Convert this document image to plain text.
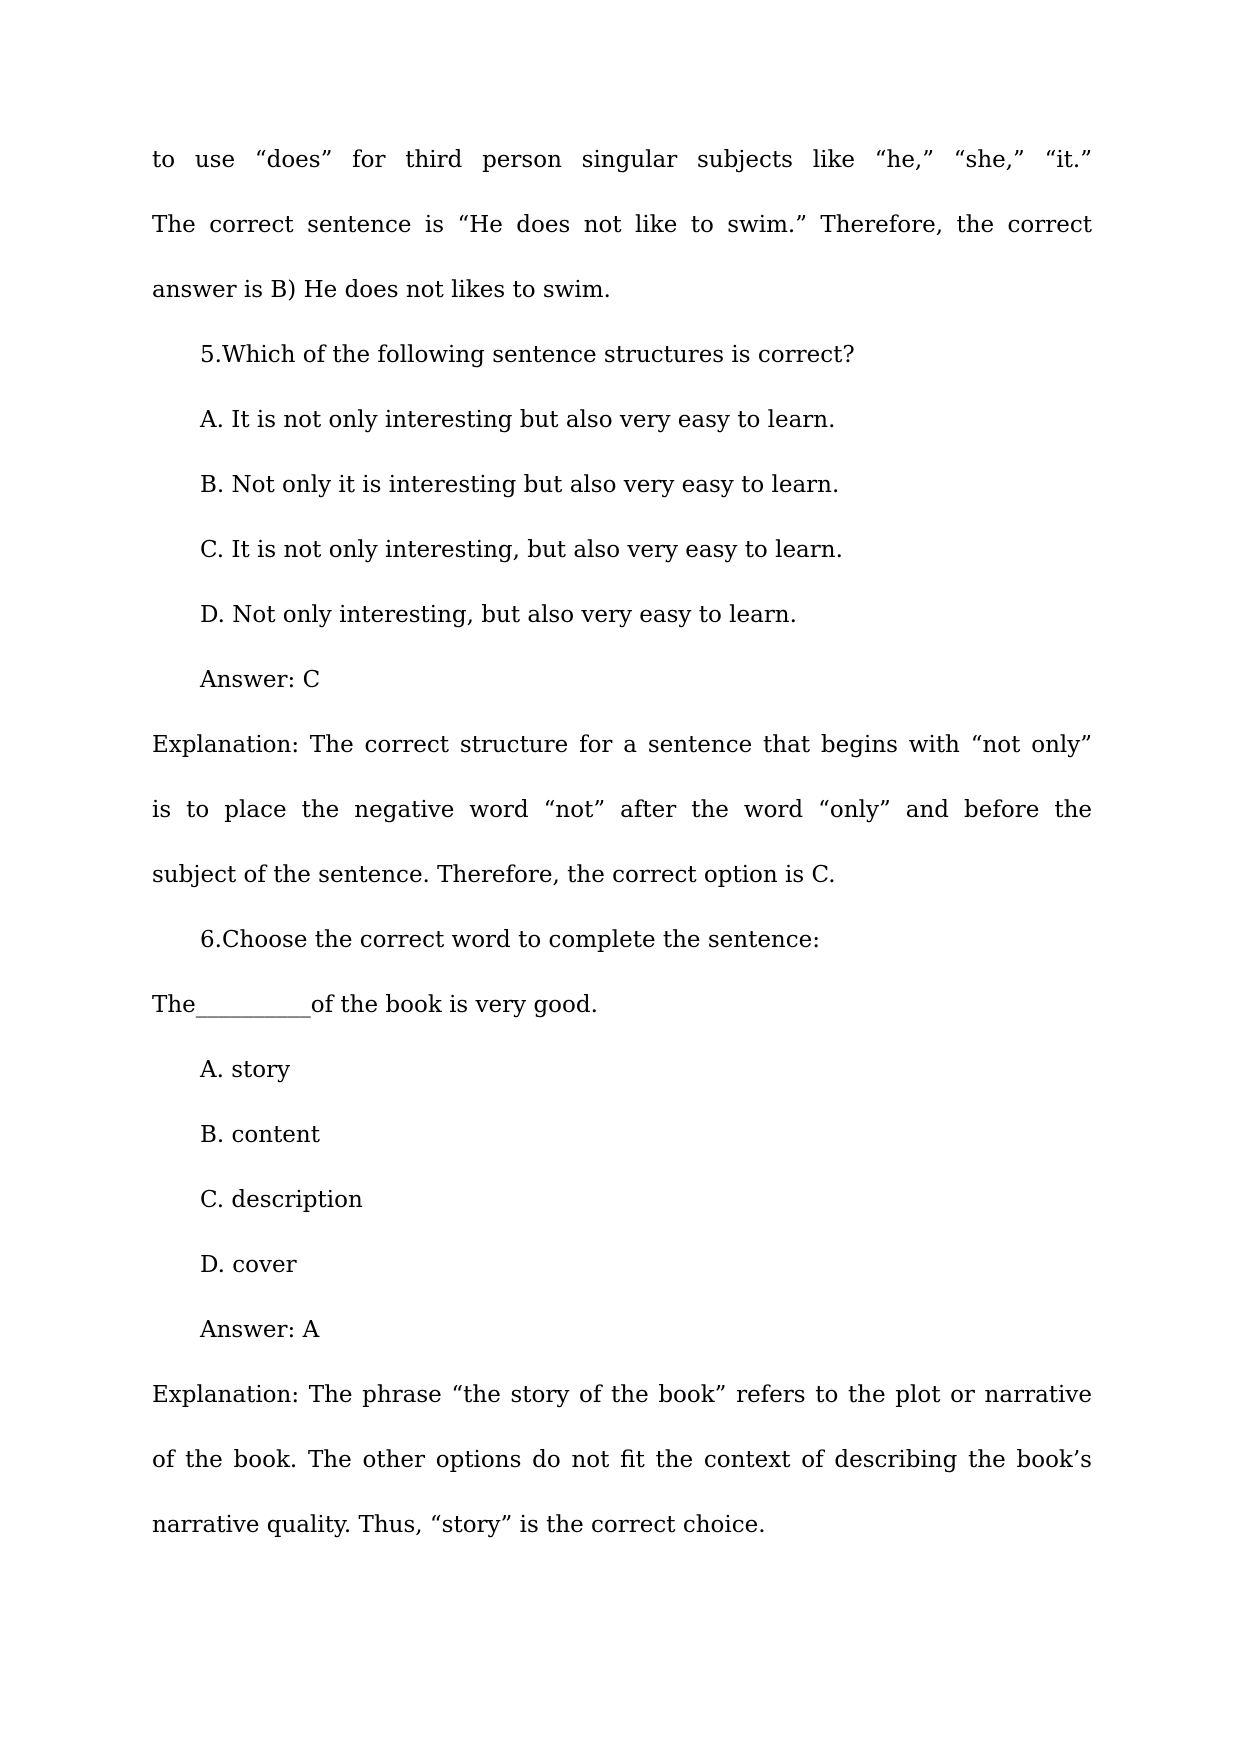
to use “does” for third person singular subjects like “he,” “she,” “it.”
The correct sentence is “He does not like to swim.” Therefore, the correct
answer is B) He does not likes to swim.
5.Which of the following sentence structures is correct?
A. It is not only interesting but also very easy to learn.
B. Not only it is interesting but also very easy to learn.
C. It is not only interesting, but also very easy to learn.
D. Not only interesting, but also very easy to learn.
Answer: C
Explanation: The correct structure for a sentence that begins with “not only”
is to place the negative word “not” after the word “only” and before the
subject of the sentence. Therefore, the correct option is C.
6.Choose the correct word to complete the sentence:
The__________of the book is very good.
A. story
B. content
C. description
D. cover
Answer: A
Explanation: The phrase “the story of the book” refers to the plot or narrative
of the book. The other options do not fit the context of describing the book’s
narrative quality. Thus, “story” is the correct choice.
